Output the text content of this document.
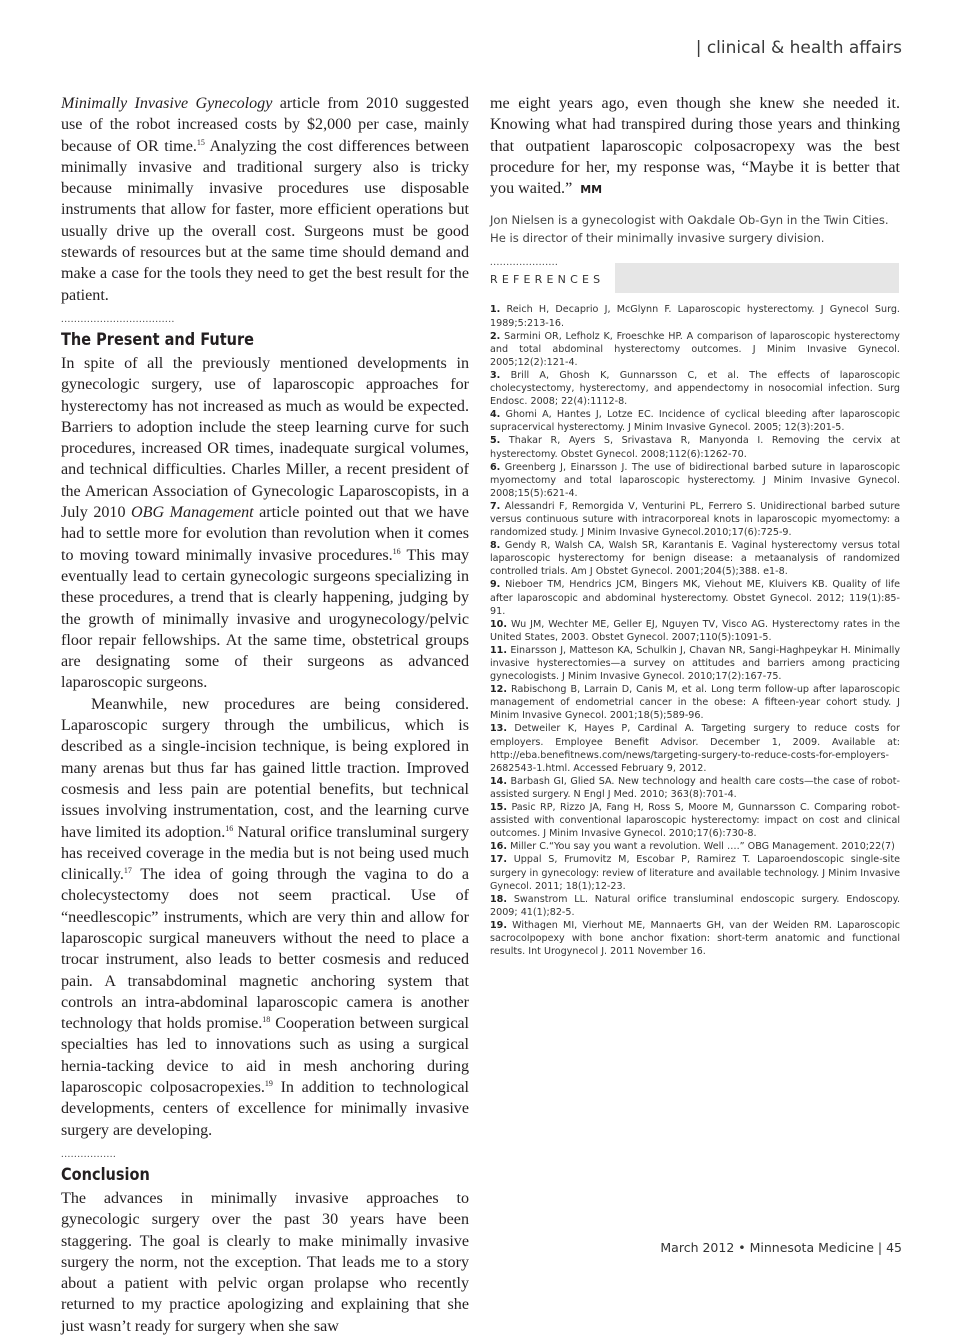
| clinical & health affairs

Minimally Invasive Gynecology article from 2010 suggested use of the robot increased costs by $2,000 per case, mainly because of OR time.$^{15}$ Analyzing the cost differences between minimally invasive and traditional surgery also is tricky because minimally invasive procedures use disposable instruments that allow for faster, more efficient operations but usually drive up the overall cost. Surgeons must be good stewards of resources but at the same time should demand and make a case for the tools they need to get the best result for the patient.

...................................
The Present and Future

In spite of all the previously mentioned developments in gynecologic surgery, use of laparoscopic approaches for hysterectomy has not increased as much as would be expected. Barriers to adoption include the steep learning curve for such procedures, increased OR times, inadequate surgical volumes, and technical difficulties. Charles Miller, a recent president of the American Association of Gynecologic Laparoscopists, in a July 2010 OBG Management article pointed out that we have had to settle more for evolution than revolution when it comes to moving toward minimally invasive procedures.$^{16}$ This may eventually lead to certain gynecologic surgeons specializing in these procedures, a trend that is clearly happening, judging by the growth of minimally invasive and urogynecology/pelvic floor repair fellowships. At the same time, obstetrical groups are designating some of their surgeons as advanced laparoscopic surgeons.

Meanwhile, new procedures are being considered. Laparoscopic surgery through the umbilicus, which is described as a single-incision technique, is being explored in many arenas but thus far has gained little traction. Improved cosmesis and less pain are potential benefits, but technical issues involving instrumentation, cost, and the learning curve have limited its adoption.$^{16}$ Natural orifice transluminal surgery has received coverage in the media but is not being used much clinically.$^{17}$ The idea of going through the vagina to do a cholecystectomy does not seem practical. Use of “needlescopic” instruments, which are very thin and allow for laparoscopic surgical maneuvers without the need to place a trocar instrument, also leads to better cosmesis and reduced pain. A transabdominal magnetic anchoring system that controls an intra-abdominal laparoscopic camera is another technology that holds promise.$^{18}$ Cooperation between surgical specialties has led to innovations such as using a surgical hernia-tacking device to aid in mesh anchoring during laparoscopic colposacropexies.$^{19}$ In addition to technological developments, centers of excellence for minimally invasive surgery are developing.

.................
Conclusion

The advances in minimally invasive approaches to gynecologic surgery over the past 30 years have been staggering. The goal is clearly to make minimally invasive surgery the norm, not the exception. That leads me to a story about a patient with pelvic organ prolapse who recently returned to my practice apologizing and explaining that she just wasn’t ready for surgery when she saw

me eight years ago, even though she knew she needed it. Knowing what had transpired during those years and thinking that outpatient laparoscopic colposacropexy was the best procedure for her, my response was, “Maybe it is better that you waited.” MM

Jon Nielsen is a gynecologist with Oakdale Ob-Gyn in the Twin Cities.
He is director of their minimally invasive surgery division.
.....................
REFERENCES
1. Reich H, Decaprio J, McGlynn F. Laparoscopic hysterectomy. J Gynecol Surg. 1989;5:213-16.
2. Sarmini OR, Lefholz K, Froeschke HP. A comparison of laparoscopic hysterectomy and total abdominal hysterectomy outcomes. J Minim Invasive Gynecol. 2005;12(2):121-4.
3. Brill A, Ghosh K, Gunnarsson C, et al. The effects of laparoscopic cholecystectomy, hysterectomy, and appendectomy in nosocomial infection. Surg Endosc. 2008; 22(4):1112-8.
4. Ghomi A, Hantes J, Lotze EC. Incidence of cyclical bleeding after laparoscopic supracervical hysterectomy. J Minim Invasive Gynecol. 2005; 12(3):201-5.
5. Thakar R, Ayers S, Srivastava R, Manyonda I. Removing the cervix at hysterectomy. Obstet Gynecol. 2008;112(6):1262-70.
6. Greenberg J, Einarsson J. The use of bidirectional barbed suture in laparoscopic myomectomy and total laparoscopic hysterectomy. J Minim Invasive Gynecol. 2008;15(5):621-4.
7. Alessandri F, Remorgida V, Venturini PL, Ferrero S. Unidirectional barbed suture versus continuous suture with intracorporeal knots in laparoscopic myomectomy: a randomized study. J Minim Invasive Gynecol.2010;17(6):725-9.
8. Gendy R, Walsh CA, Walsh SR, Karantanis E. Vaginal hysterectomy versus total laparoscopic hysterectomy for benign disease: a metaanalysis of randomized controlled trials. Am J Obstet Gynecol. 2001;204(5);388. e1-8.
9. Nieboer TM, Hendrics JCM, Bingers MK, Viehout ME, Kluivers KB. Quality of life after laparoscopic and abdominal hysterectomy. Obstet Gynecol. 2012; 119(1):85-91.
10. Wu JM, Wechter ME, Geller EJ, Nguyen TV, Visco AG. Hysterectomy rates in the United States, 2003. Obstet Gynecol. 2007;110(5):1091-5.
11. Einarsson J, Matteson KA, Schulkin J, Chavan NR, Sangi-Haghpeykar H. Minimally invasive hysterectomies—a survey on attitudes and barriers among practicing gynecologists. J Minim Invasive Gynecol. 2010;17(2):167-75.
12. Rabischong B, Larrain D, Canis M, et al. Long term follow-up after laparoscopic management of endometrial cancer in the obese: A fifteen-year cohort study. J Minim Invasive Gynecol. 2001;18(5);589-96.
13. Detweiler K, Hayes P, Cardinal A. Targeting surgery to reduce costs for employers. Employee Benefit Advisor. December 1, 2009. Available at: http://eba.benefitnews.com/news/targeting-surgery-to-reduce-costs-for-employers-2682543-1.html. Accessed February 9, 2012.
14. Barbash GI, Glied SA. New technology and health care costs—the case of robot-assisted surgery. N Engl J Med. 2010; 363(8):701-4.
15. Pasic RP, Rizzo JA, Fang H, Ross S, Moore M, Gunnarsson C. Comparing robot-assisted with conventional laparoscopic hysterectomy: impact on cost and clinical outcomes. J Minim Invasive Gynecol. 2010;17(6):730-8.
16. Miller C.“You say you want a revolution. Well ….” OBG Management. 2010;22(7)
17. Uppal S, Frumovitz M, Escobar P, Ramirez T. Laparoendoscopic single-site surgery in gynecology: review of literature and available technology. J Minim Invasive Gynecol. 2011; 18(1);12-23.
18. Swanstrom LL. Natural orifice transluminal endoscopic surgery. Endoscopy. 2009; 41(1);82-5.
19. Withagen MI, Vierhout ME, Mannaerts GH, van der Weiden RM. Laparoscopic sacrocolpopexy with bone anchor fixation: short-term anatomic and functional results. Int Urogynecol J. 2011 November 16.
March 2012 • Minnesota Medicine | 45
